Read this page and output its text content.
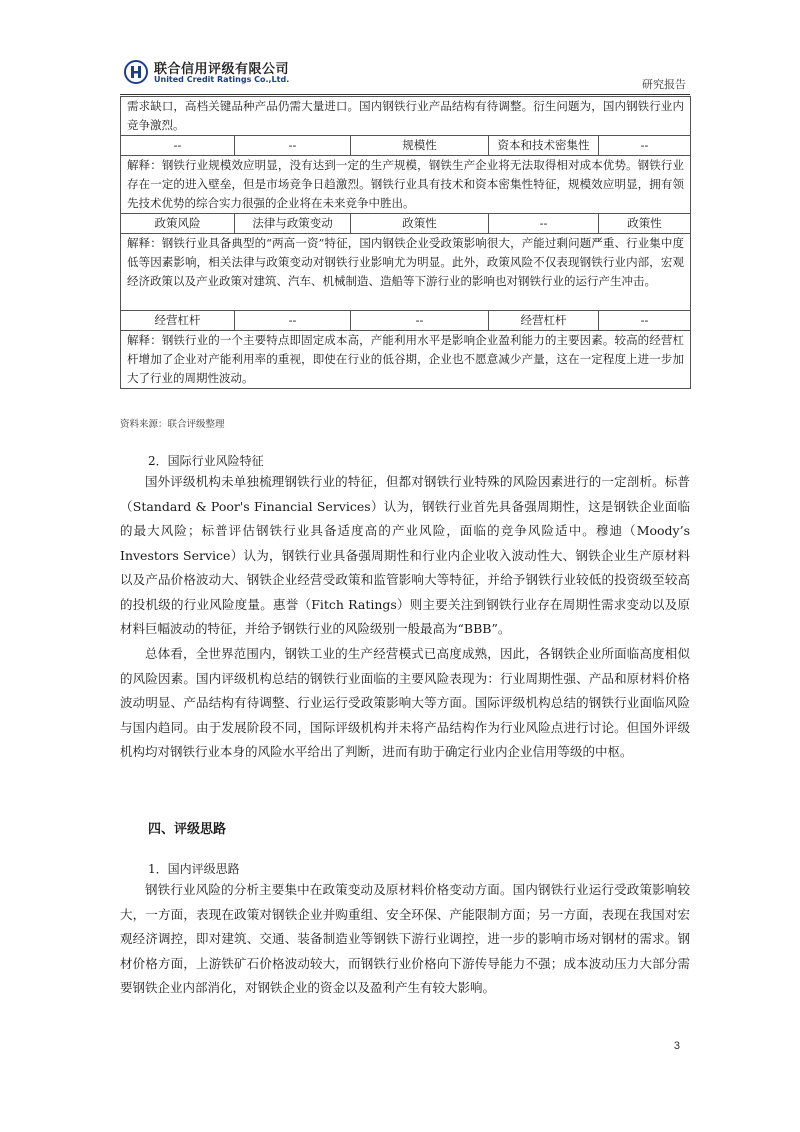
联合信用评级有限公司
United Credit Ratings Co.,Ltd.	研究报告
需求缺口，高档关键品种产品仍需大量进口。国内钢铁行业产品结构有待调整。衍生问题为，国内钢铁行业内竞争激烈。				
--	--	规模性	资本和技术密集性	--
解释：钢铁行业规模效应明显，没有达到一定的生产规模，钢铁生产企业将无法取得相对成本优势。钢铁行业存在一定的进入壁垒，但是市场竞争日趋激烈。钢铁行业具有技术和资本密集性特征，规模效应明显，拥有领先技术优势的综合实力很强的企业将在未来竞争中胜出。				
政策风险	法律与政策变动	政策性	--	政策性
解释：钢铁行业具备典型的“两高一资”特征，国内钢铁企业受政策影响很大，产能过剩问题严重、行业集中度低等因素影响，相关法律与政策变动对钢铁行业影响尤为明显。此外，政策风险不仅表现钢铁行业内部，宏观经济政策以及产业政策对建筑、汽车、机械制造、造船等下游行业的影响也对钢铁行业的运行产生冲击。				
经营杠杆	--	--	经营杠杆	--
解释：钢铁行业的一个主要特点即固定成本高，产能利用水平是影响企业盈利能力的主要因素。较高的经营杠杆增加了企业对产能利用率的重视，即使在行业的低谷期，企业也不愿意减少产量，这在一定程度上进一步加大了行业的周期性波动。				
资料来源：联合评级整理
2．国际行业风险特征

国外评级机构未单独梳理钢铁行业的特征，但都对钢铁行业特殊的风险因素进行的一定剖析。标普（Standard & Poor's Financial Services）认为，钢铁行业首先具备强周期性，这是钢铁企业面临的最大风险；标普评估钢铁行业具备适度高的产业风险，面临的竞争风险适中。穆迪（Moody’s Investors Service）认为，钢铁行业具备强周期性和行业内企业收入波动性大、钢铁企业生产原材料以及产品价格波动大、钢铁企业经营受政策和监管影响大等特征，并给予钢铁行业较低的投资级至较高的投机级的行业风险度量。惠誉（Fitch Ratings）则主要关注到钢铁行业存在周期性需求变动以及原材料巨幅波动的特征，并给予钢铁行业的风险级别一般最高为“BBB”。

总体看，全世界范围内，钢铁工业的生产经营模式已高度成熟，因此，各钢铁企业所面临高度相似的风险因素。国内评级机构总结的钢铁行业面临的主要风险表现为：行业周期性强、产品和原材料价格波动明显、产品结构有待调整、行业运行受政策影响大等方面。国际评级机构总结的钢铁行业面临风险与国内趋同。由于发展阶段不同，国际评级机构并未将产品结构作为行业风险点进行讨论。但国外评级机构均对钢铁行业本身的风险水平给出了判断，进而有助于确定行业内企业信用等级的中枢。

四、评级思路
1．国内评级思路

钢铁行业风险的分析主要集中在政策变动及原材料价格变动方面。国内钢铁行业运行受政策影响较大，一方面，表现在政策对钢铁企业并购重组、安全环保、产能限制方面；另一方面，表现在我国对宏观经济调控，即对建筑、交通、装备制造业等钢铁下游行业调控，进一步的影响市场对钢材的需求。钢材价格方面，上游铁矿石价格波动较大，而钢铁行业价格向下游传导能力不强；成本波动压力大部分需要钢铁企业内部消化，对钢铁企业的资金以及盈利产生有较大影响。

3
